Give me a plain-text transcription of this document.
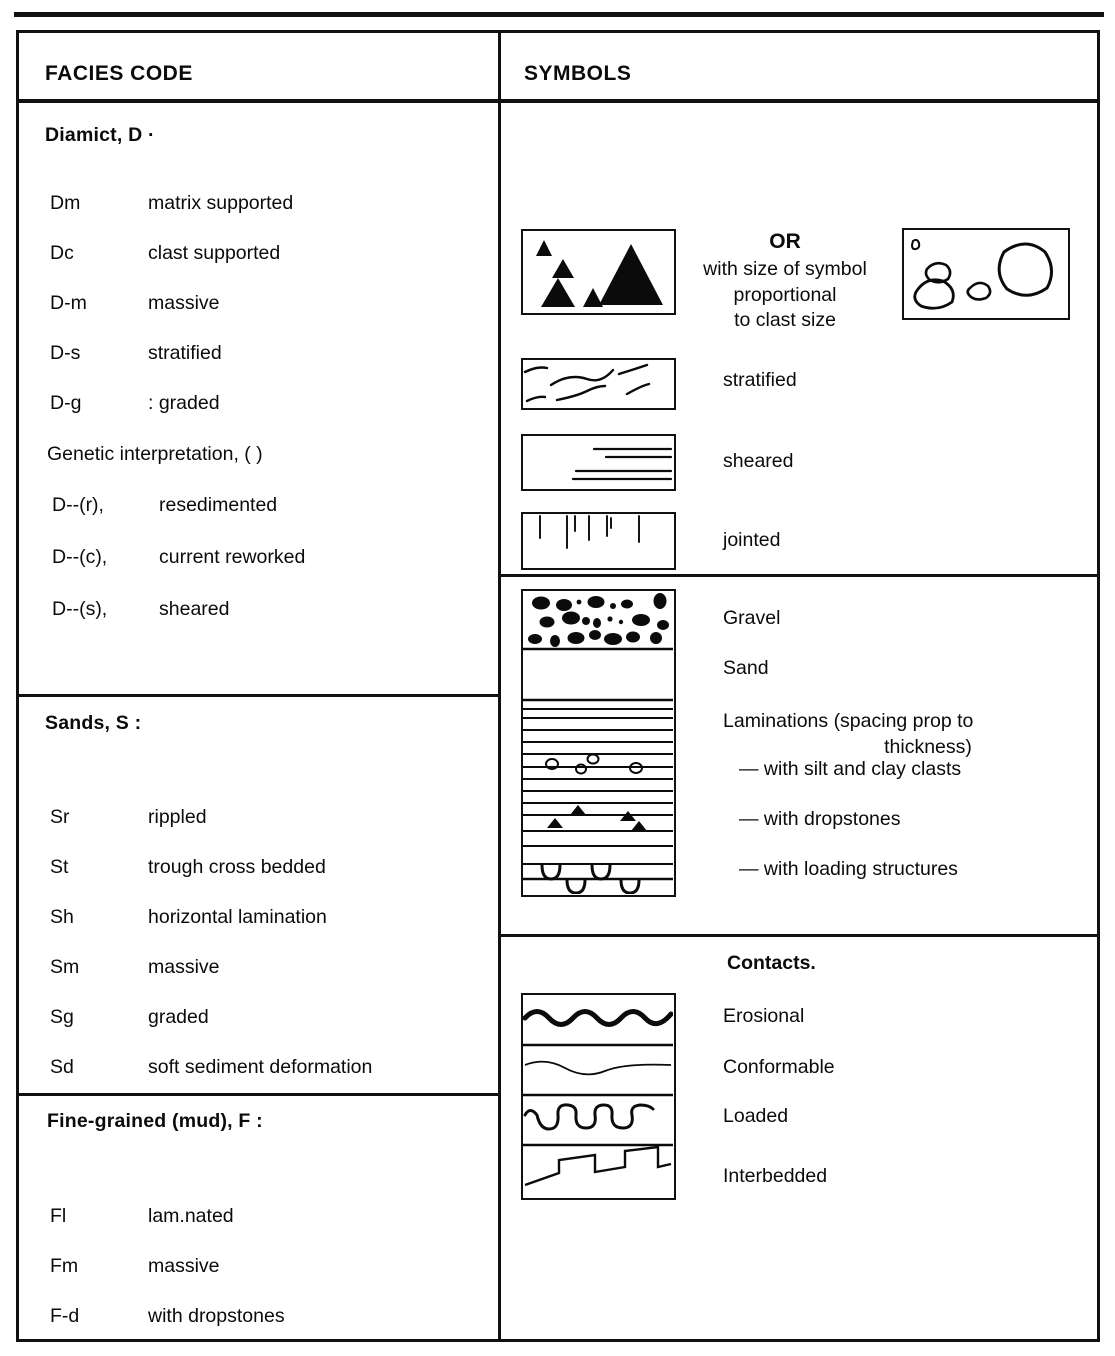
FACIES CODE	SYMBOLS
Diamict, D ·
Dm	matrix supported
Dc	clast supported
D-m	massive
D-s	stratified
D-g	: graded
Genetic interpretation, ( )
D--(r),	resedimented
D--(c),	current reworked
D--(s),	sheared
Sands, S :
Sr	rippled
St	trough cross bedded
Sh	horizontal lamination
Sm	massive
Sg	graded
Sd	soft sediment deformation
Fine-grained (mud), F :
Fl	lam.nated
Fm	massive
F-d	with dropstones
OR
with size of symbol
proportional
to clast size
stratified
sheared
jointed
Gravel
Sand
Laminations (spacing prop to
thickness)
— with silt and clay clasts
— with dropstones
— with loading structures
Contacts.
Erosional
Conformable
Loaded
Interbedded
